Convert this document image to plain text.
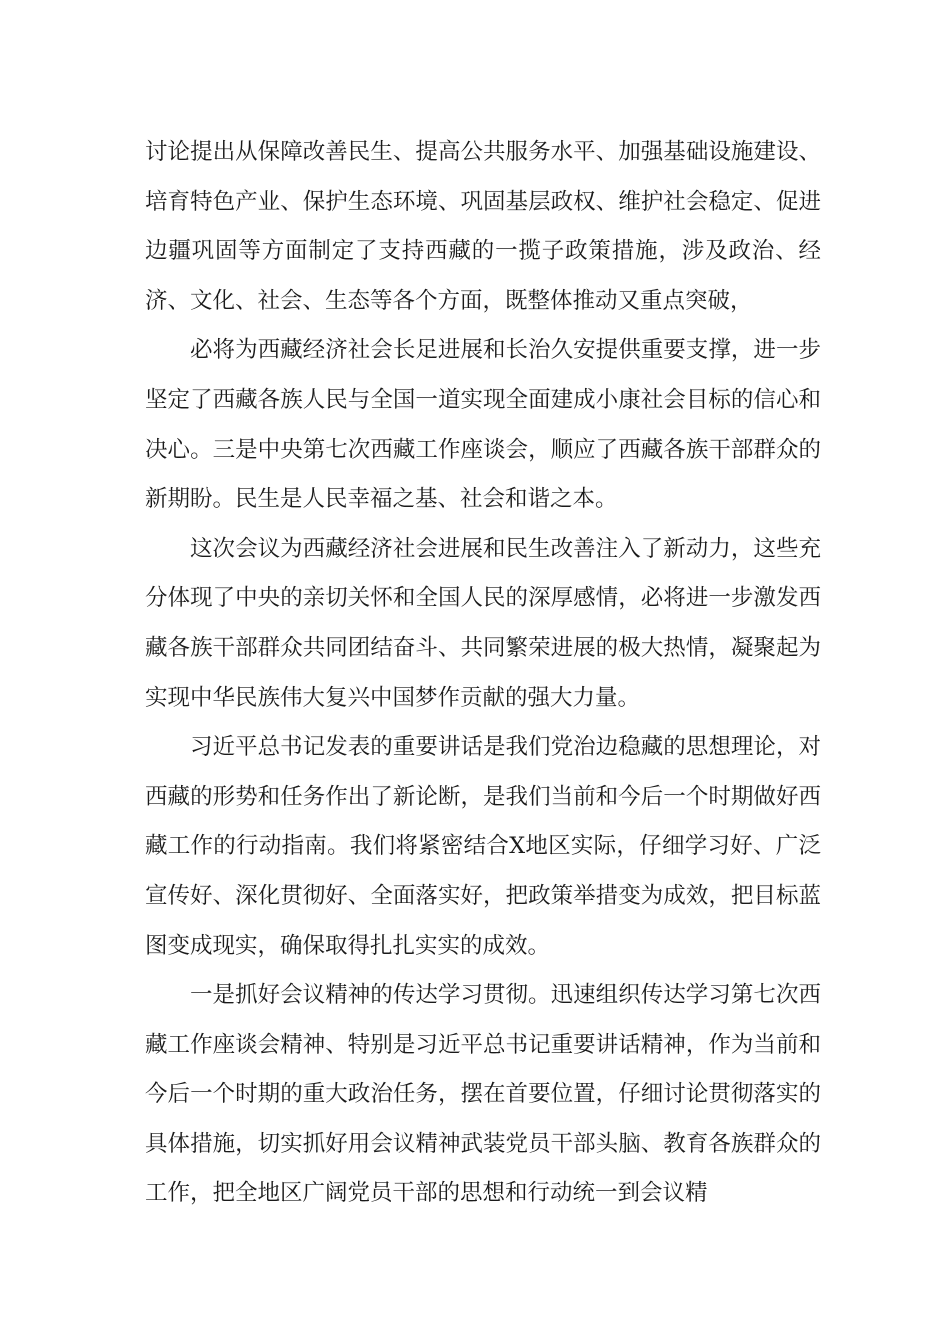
讨论提出从保障改善民生、提高公共服务水平、加强基础设施建设、培育特色产业、保护生态环境、巩固基层政权、维护社会稳定、促进边疆巩固等方面制定了支持西藏的一揽子政策措施，涉及政治、经济、文化、社会、生态等各个方面，既整体推动又重点突破，

必将为西藏经济社会长足进展和长治久安提供重要支撑，进一步坚定了西藏各族人民与全国一道实现全面建成小康社会目标的信心和决心。三是中央第七次西藏工作座谈会，顺应了西藏各族干部群众的新期盼。民生是人民幸福之基、社会和谐之本。

这次会议为西藏经济社会进展和民生改善注入了新动力，这些充分体现了中央的亲切关怀和全国人民的深厚感情，必将进一步激发西藏各族干部群众共同团结奋斗、共同繁荣进展的极大热情，凝聚起为实现中华民族伟大复兴中国梦作贡献的强大力量。

习近平总书记发表的重要讲话是我们党治边稳藏的思想理论，对西藏的形势和任务作出了新论断，是我们当前和今后一个时期做好西藏工作的行动指南。我们将紧密结合X地区实际，仔细学习好、广泛宣传好、深化贯彻好、全面落实好，把政策举措变为成效，把目标蓝图变成现实，确保取得扎扎实实的成效。

一是抓好会议精神的传达学习贯彻。迅速组织传达学习第七次西藏工作座谈会精神、特别是习近平总书记重要讲话精神，作为当前和今后一个时期的重大政治任务，摆在首要位置，仔细讨论贯彻落实的具体措施，切实抓好用会议精神武装党员干部头脑、教育各族群众的工作，把全地区广阔党员干部的思想和行动统一到会议精
